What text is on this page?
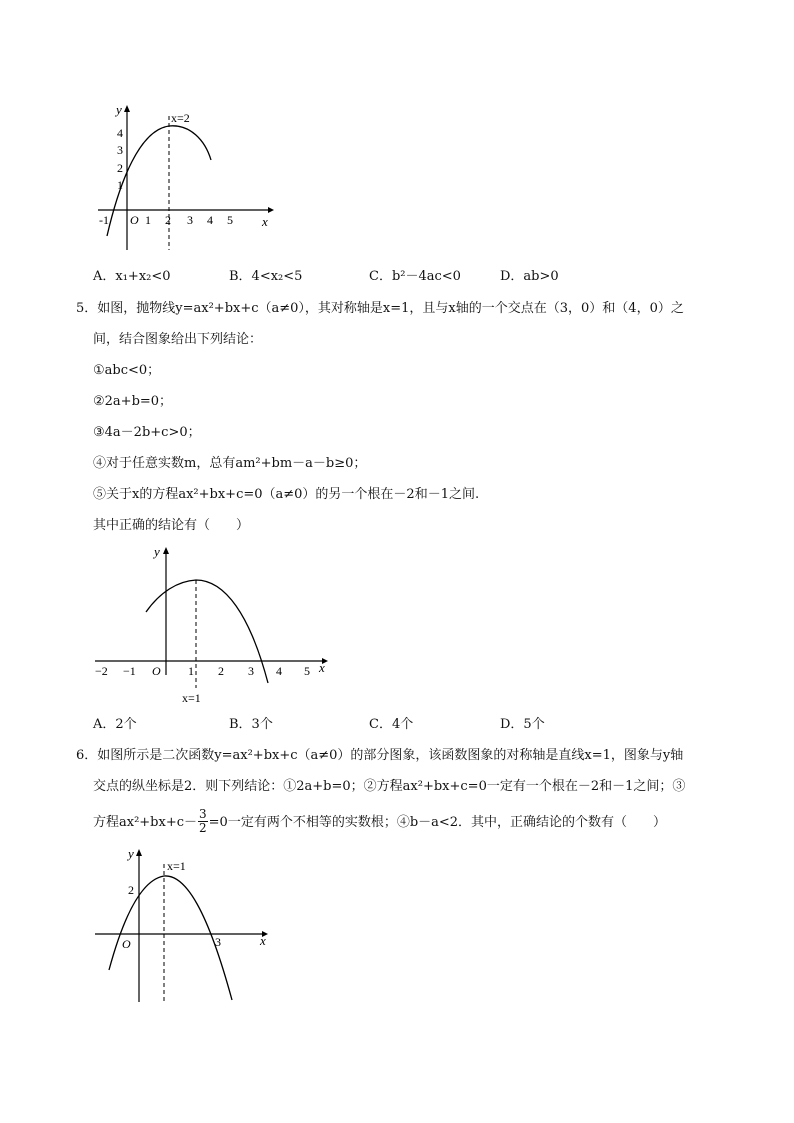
y
x
O
x=2
-1	1 2 3 4 5
1
2
3
4
A．x₁+x₂<0	B．4<x₂<5	C．b²－4ac<0	D．ab>0
5．如图，抛物线y=ax²+bx+c（a≠0），其对称轴是x=1，且与x轴的一个交点在（3，0）和（4，0）之
间，结合图象给出下列结论：
①abc<0；
②2a+b=0；
③4a－2b+c>0；
④对于任意实数m，总有am²+bm－a－b≥0；
⑤关于x的方程ax²+bx+c=0（a≠0）的另一个根在－2和－1之间.
其中正确的结论有（　　）
y
x
O
x=1
−2 −1	1 2 3 4 5
A．2个	B．3个	C．4个	D．5个
6．如图所示是二次函数y=ax²+bx+c（a≠0）的部分图象，该函数图象的对称轴是直线x=1，图象与y轴
交点的纵坐标是2．则下列结论：①2a+b=0；②方程ax²+bx+c=0一定有一个根在－2和－1之间；③
方程$ax^2+bx+c- \frac{3}{2} =0$一定有两个不相等的实数根；④b－a<2．其中，正确结论的个数有（　　）
y
x
O
x=1
2
3
